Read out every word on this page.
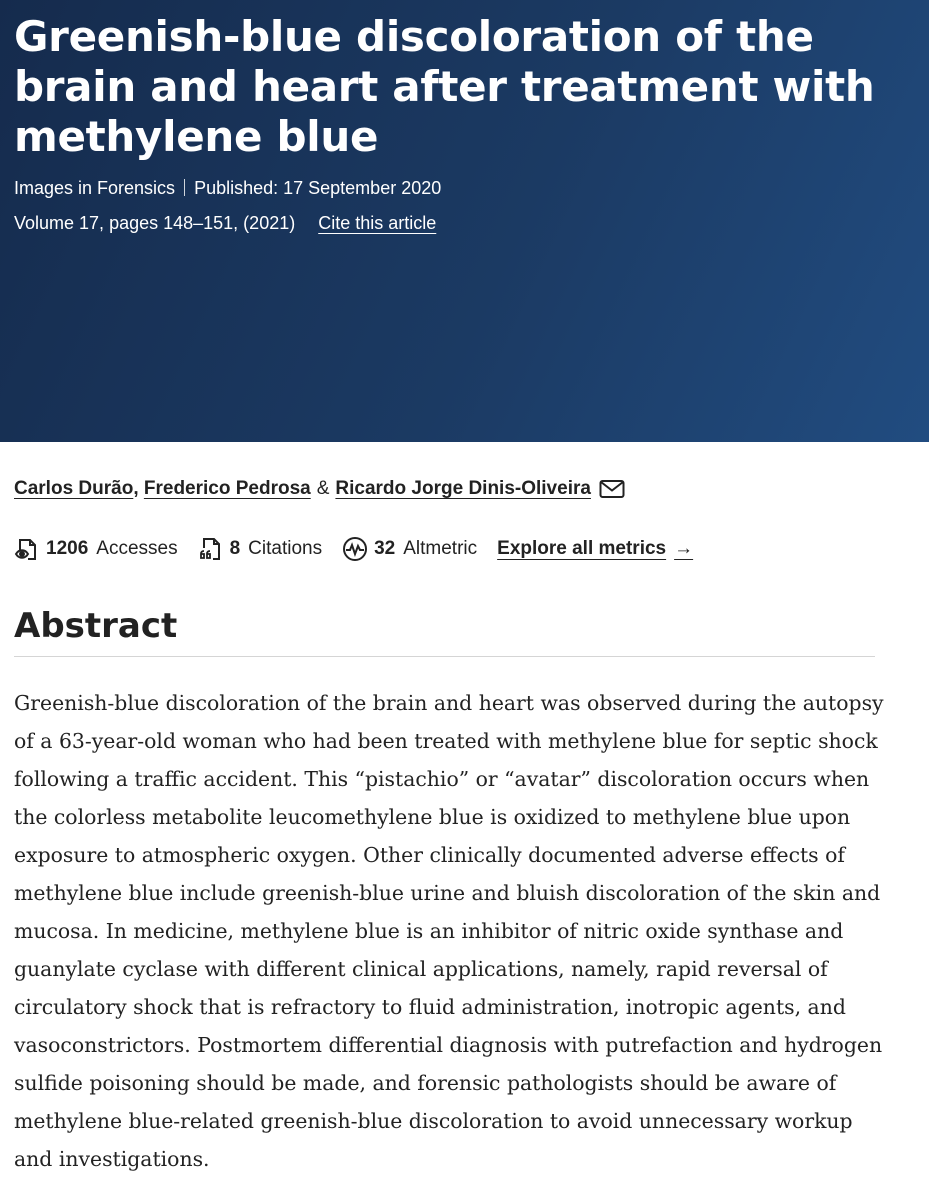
Greenish-blue discoloration of the brain and heart after treatment with methylene blue
Images in Forensics Published: 17 September 2020
Volume 17, pages 148–151, (2021) Cite this article
Carlos Durão ,
Frederico Pedrosa & Ricardo Jorge Dinis-Oliveira
1206 Accesses	8 Citations	32 Altmetric Explore all metrics →
Abstract

Greenish-blue discoloration of the brain and heart was observed during the autopsy of a 63-year-old woman who had been treated with methylene blue for septic shock following a traffic accident. This “pistachio” or “avatar” discoloration occurs when the colorless metabolite leucomethylene blue is oxidized to methylene blue upon exposure to atmospheric oxygen. Other clinically documented adverse effects of methylene blue include greenish-blue urine and bluish discoloration of the skin and mucosa. In medicine, methylene blue is an inhibitor of nitric oxide synthase and guanylate cyclase with different clinical applications, namely, rapid reversal of circulatory shock that is refractory to fluid administration, inotropic agents, and vasoconstrictors. Postmortem differential diagnosis with putrefaction and hydrogen sulfide poisoning should be made, and forensic pathologists should be aware of methylene blue-related greenish-blue discoloration to avoid unnecessary workup and investigations.
